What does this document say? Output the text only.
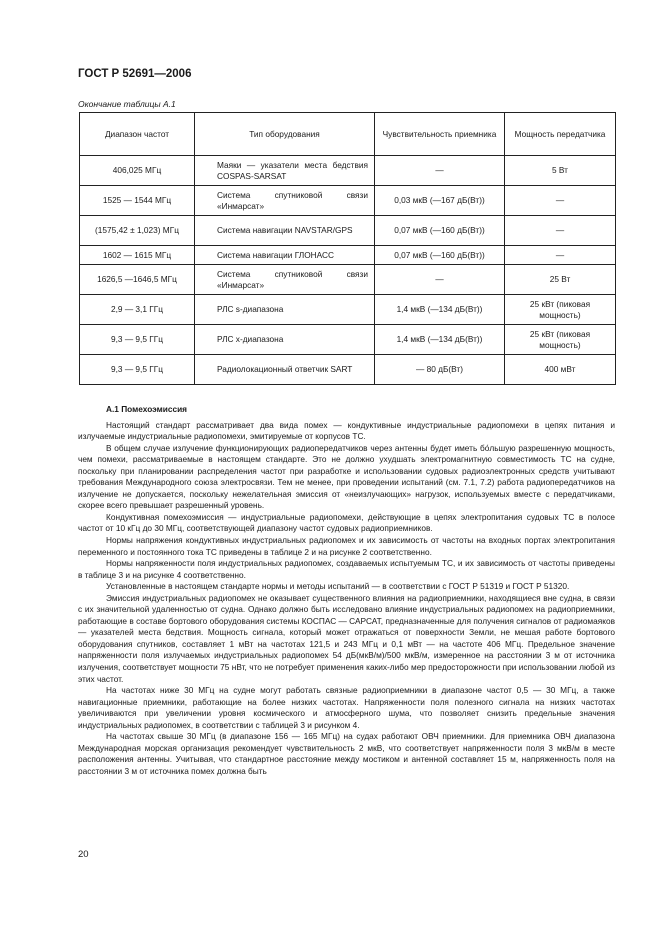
ГОСТ Р 52691—2006
Окончание таблицы А.1
Диапазон частот	Тип оборудования	Чувствительность приемника	Мощность передатчика
406,025 МГц	Маяки — указатели места бедствия COSPAS-SARSAT	—	5 Вт
1525 — 1544 МГц	Система спутниковой связи «Инмарсат»	0,03 мкВ (—167 дБ(Вт))	—
(1575,42 ± 1,023) МГц	Система навигации NAVSTAR/GPS	0,07 мкВ (—160 дБ(Вт))	—
1602 — 1615 МГц	Система навигации ГЛОНАСС	0,07 мкВ (—160 дБ(Вт))	—
1626,5 —1646,5 МГц	Система спутниковой связи «Инмарсат»	—	25 Вт
2,9 — 3,1 ГГц	РЛС s-диапазона	1,4 мкВ (—134 дБ(Вт))	25 кВт (пиковая мощность)
9,3 — 9,5 ГГц	РЛС x-диапазона	1,4 мкВ (—134 дБ(Вт))	25 кВт (пиковая мощность)
9,3 — 9,5 ГГц	Радиолокационный ответчик SART	— 80 дБ(Вт)	400 мВт
А.1 Помехоэмиссия

Настоящий стандарт рассматривает два вида помех — кондуктивные индустриальные радиопомехи в цепях питания и излучаемые индустриальные радиопомехи, эмитируемые от корпусов ТС.

В общем случае излучение функционирующих радиопередатчиков через антенны будет иметь бо́льшую разрешенную мощность, чем помехи, рассматриваемые в настоящем стандарте. Это не должно ухудшать электромагнитную совместимость ТС на судне, поскольку при планировании распределения частот при разработке и использовании судовых радиоэлектронных средств учитывают требования Международного союза электросвязи. Тем не менее, при проведении испытаний (см. 7.1, 7.2) работа радиопередатчиков на излучение не допускается, поскольку нежелательная эмиссия от «неизлучающих» нагрузок, используемых вместе с передатчиками, скорее всего превышает разрешенный уровень.

Кондуктивная помехоэмиссия — индустриальные радиопомехи, действующие в цепях электропитания судовых ТС в полосе частот от 10 кГц до 30 МГц, соответствующей диапазону частот судовых радиоприемников.

Нормы напряжения кондуктивных индустриальных радиопомех и их зависимость от частоты на входных портах электропитания переменного и постоянного тока ТС приведены в таблице 2 и на рисунке 2 соответственно.

Нормы напряженности поля индустриальных радиопомех, создаваемых испытуемым ТС, и их зависимость от частоты приведены в таблице 3 и на рисунке 4 соответственно.

Установленные в настоящем стандарте нормы и методы испытаний — в соответствии с ГОСТ Р 51319 и ГОСТ Р 51320.

Эмиссия индустриальных радиопомех не оказывает существенного влияния на радиоприемники, находящиеся вне судна, в связи с их значительной удаленностью от судна. Однако должно быть исследовано влияние индустриальных радиопомех на радиоприемники, работающие в составе бортового оборудования системы КОСПАС — САРСАТ, предназначенные для получения сигналов от радиомаяков — указателей места бедствия. Мощность сигнала, который может отражаться от поверхности Земли, не мешая работе бортового оборудования спутников, составляет 1 мВт на частотах 121,5 и 243 МГц и 0,1 мВт — на частоте 406 МГц. Предельное значение напряженности поля излучаемых индустриальных радиопомех 54 дБ(мкВ/м)/500 мкВ/м, измеренное на расстоянии 3 м от источника излучения, соответствует мощности 75 нВт, что не потребует применения каких-либо мер предосторожности при использовании любой из этих частот.

На частотах ниже 30 МГц на судне могут работать связные радиоприемники в диапазоне частот 0,5 — 30 МГц, а также навигационные приемники, работающие на более низких частотах. Напряженности поля полезного сигнала на низких частотах увеличиваются при увеличении уровня космического и атмосферного шума, что позволяет снизить предельные значения индустриальных радиопомех, в соответствии с таблицей 3 и рисунком 4.

На частотах свыше 30 МГц (в диапазоне 156 — 165 МГц) на судах работают ОВЧ приемники. Для приемника ОВЧ диапазона Международная морская организация рекомендует чувствительность 2 мкВ, что соответствует напряженности поля 3 мкВ/м в месте расположения антенны. Учитывая, что стандартное расстояние между мостиком и антенной составляет 15 м, напряженность поля на расстоянии 3 м от источника помех должна быть

20
